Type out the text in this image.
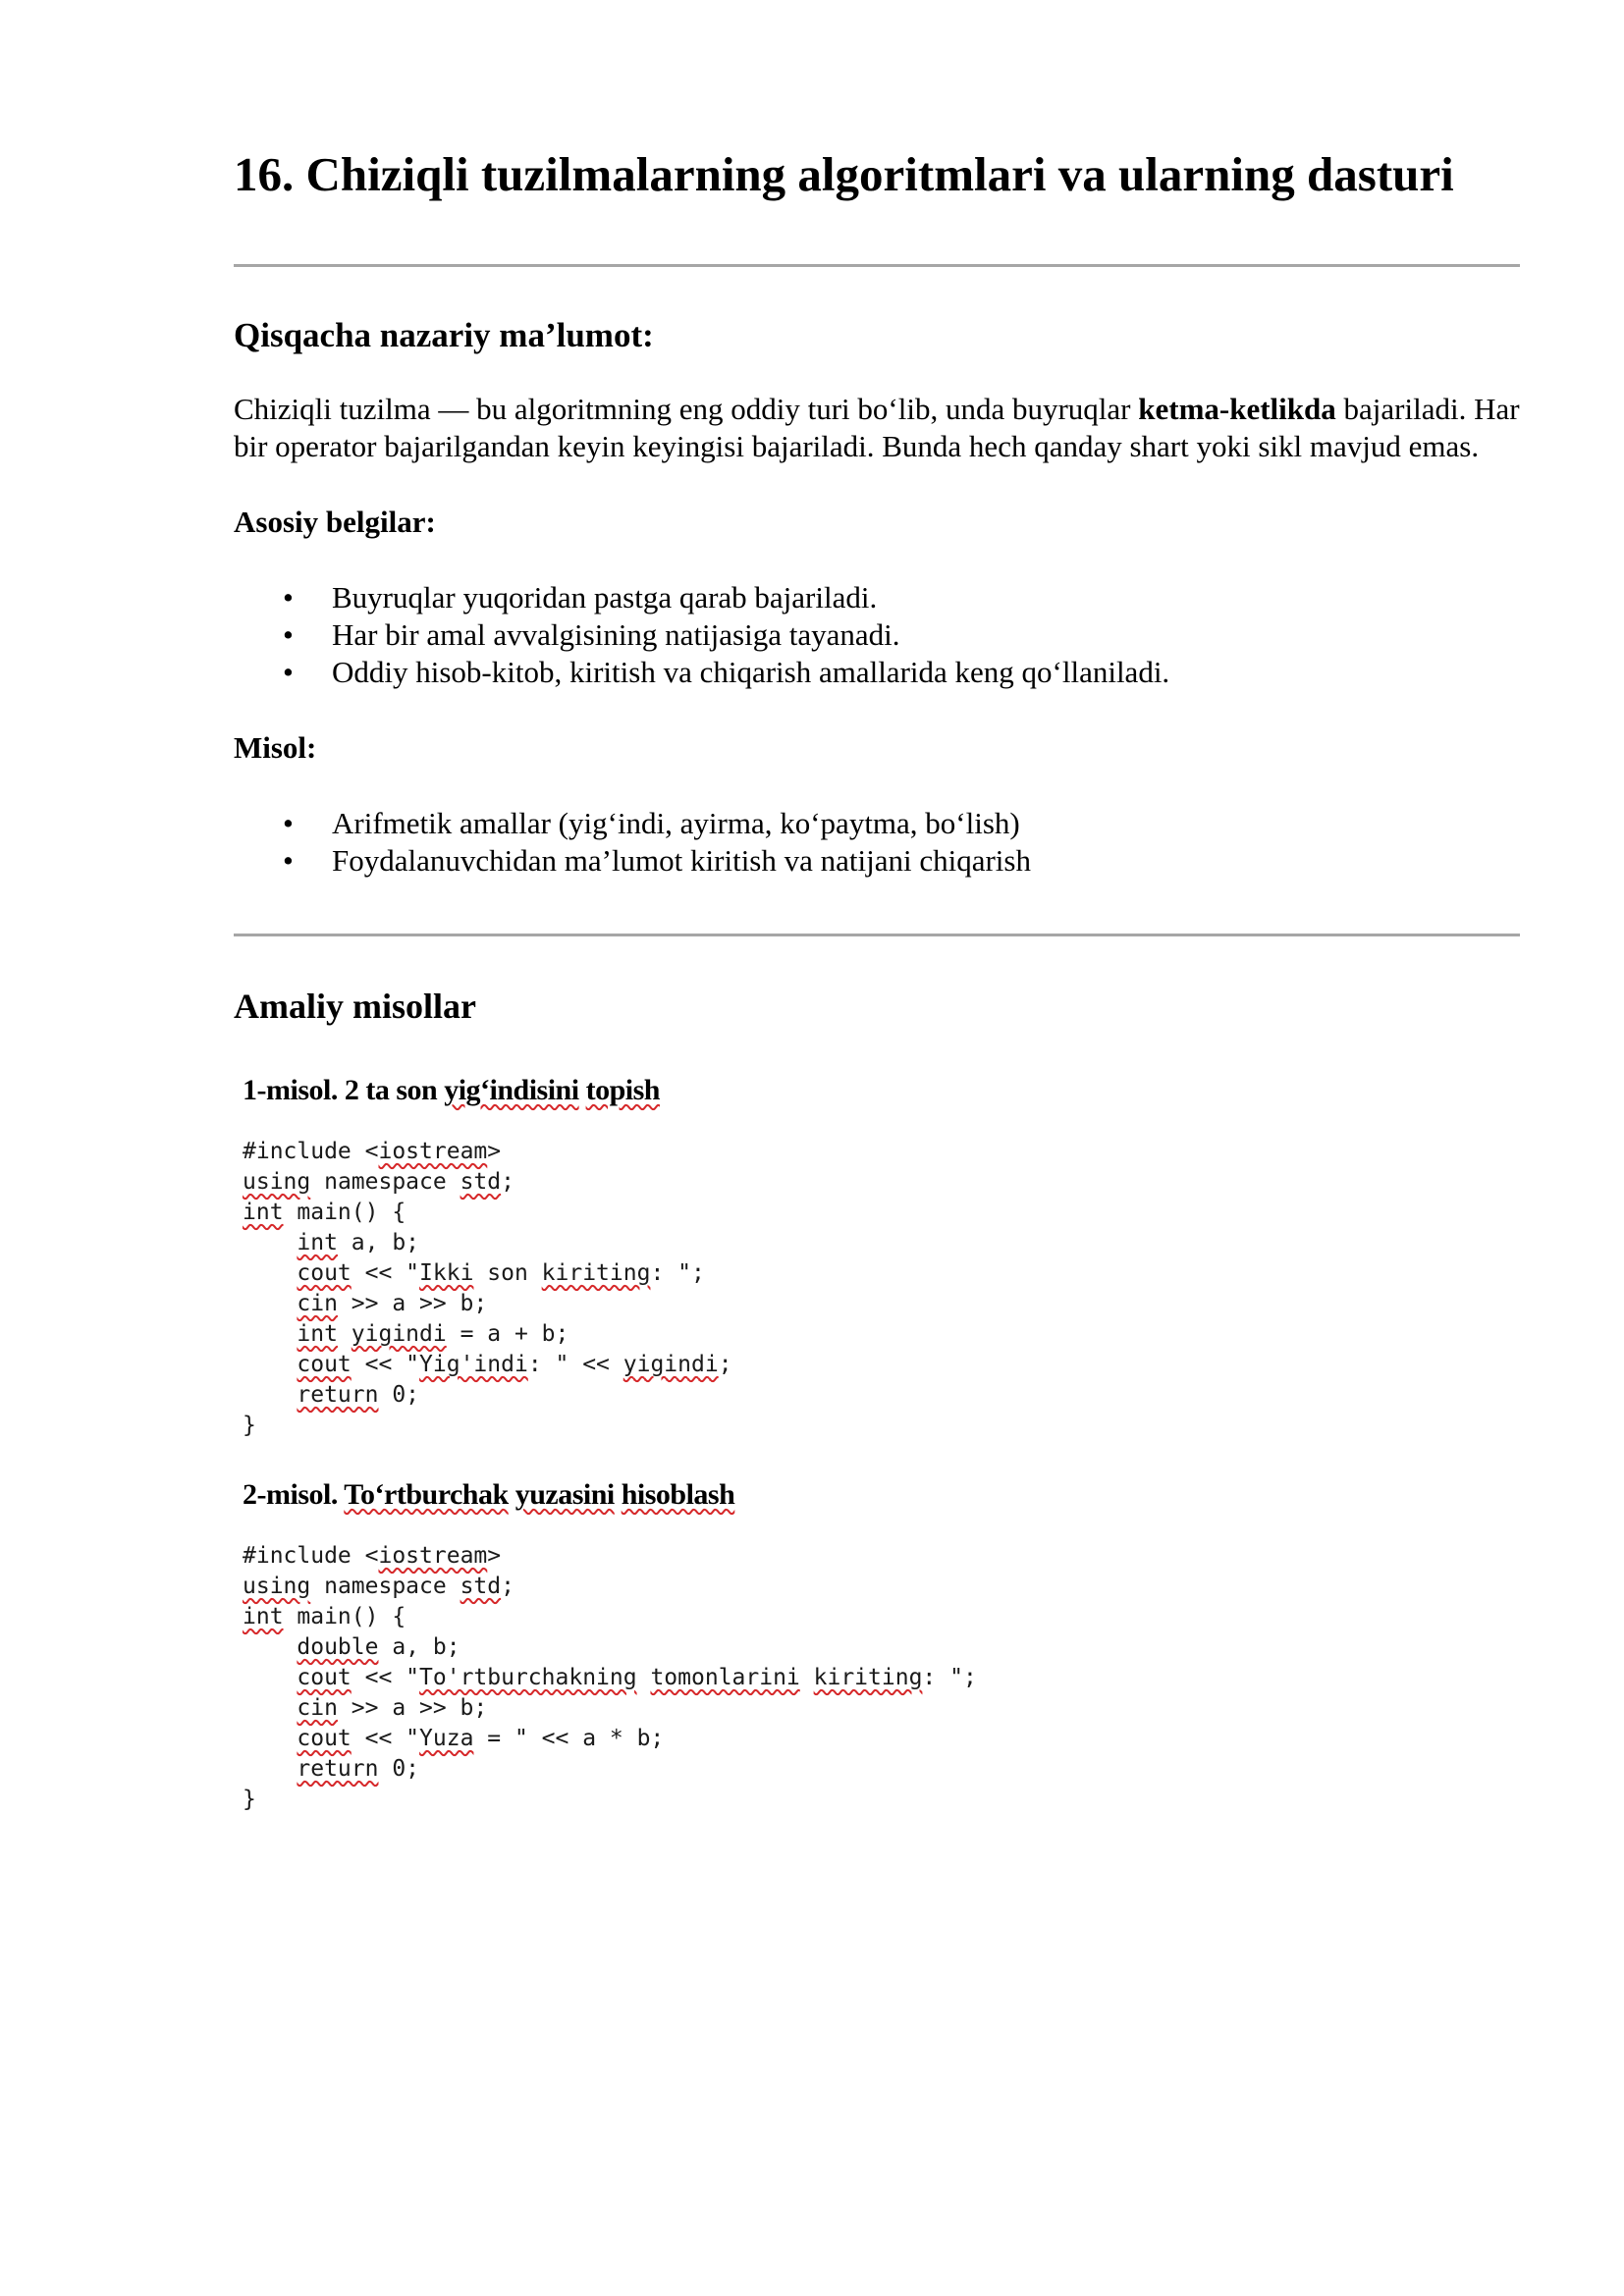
16. Chiziqli tuzilmalarning algoritmlari va ularning dasturi
Qisqacha nazariy ma’lumot:

Chiziqli tuzilma — bu algoritmning eng oddiy turi bo‘lib, unda buyruqlar ketma-ketlikda bajariladi. Har bir operator bajarilgandan keyin keyingisi bajariladi. Bunda hech qanday shart yoki sikl mavjud emas.

Asosiy belgilar:
• Buyruqlar yuqoridan pastga qarab bajariladi.
• Har bir amal avvalgisining natijasiga tayanadi.
• Oddiy hisob-kitob, kiritish va chiqarish amallarida keng qo‘llaniladi.
Misol:
• Arifmetik amallar (yig‘indi, ayirma, ko‘paytma, bo‘lish)
• Foydalanuvchidan ma’lumot kiritish va natijani chiqarish
Amaliy misollar
1-misol. 2 ta son yig‘indisini topish
#include <iostream>
using namespace std;
int main() {
int a, b;
cout << "Ikki son kiriting: ";
cin >> a >> b;
int yigindi = a + b;
cout << "Yig'indi: " << yigindi;
return 0;
}
2-misol. To‘rtburchak yuzasini hisoblash
#include <iostream>
using namespace std;
int main() {
double a, b;
cout << "To'rtburchakning tomonlarini kiriting: ";
cin >> a >> b;
cout << "Yuza = " << a * b;
return 0;
}
